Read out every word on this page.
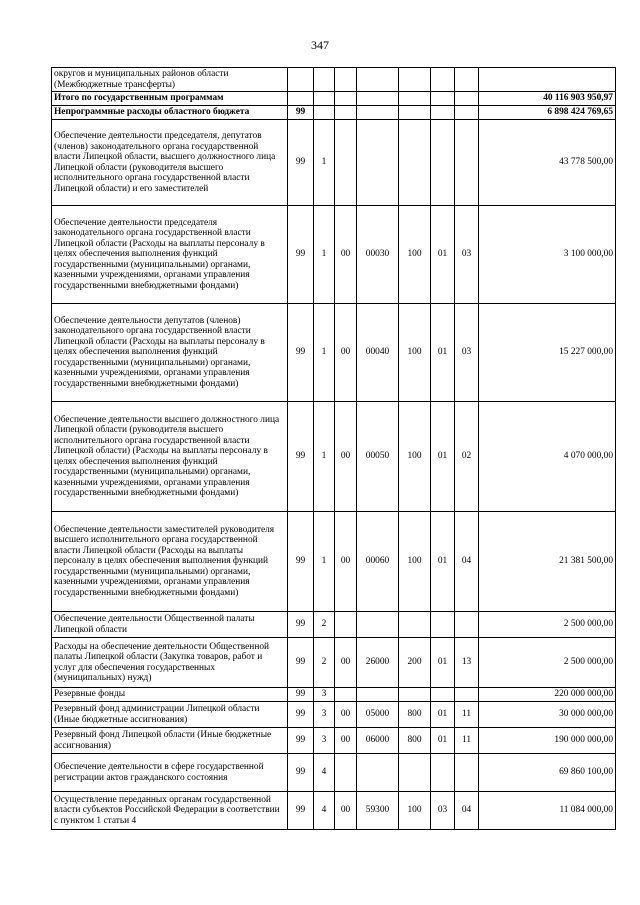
347
округов и муниципальных районов области (Межбюджетные трансферты)								
Итого по государственным программам								40 116 903 950,97
Непрограммные расходы областного бюджета	99							6 898 424 769,65
Обеспечение деятельности председателя, депутатов (членов) законодательного органа государственной власти Липецкой области, высшего должностного лица Липецкой области (руководителя высшего исполнительного органа государственной власти Липецкой области) и его заместителей	99	1						43 778 500,00
Обеспечение деятельности председателя законодательного органа государственной власти Липецкой области (Расходы на выплаты персоналу в целях обеспечения выполнения функций государственными (муниципальными) органами, казенными учреждениями, органами управления государственными внебюджетными фондами)	99	1	00	00030	100	01	03	3 100 000,00
Обеспечение деятельности депутатов (членов) законодательного органа государственной власти Липецкой области (Расходы на выплаты персоналу в целях обеспечения выполнения функций государственными (муниципальными) органами, казенными учреждениями, органами управления государственными внебюджетными фондами)	99	1	00	00040	100	01	03	15 227 000,00
Обеспечение деятельности высшего должностного лица Липецкой области (руководителя высшего исполнительного органа государственной власти Липецкой области) (Расходы на выплаты персоналу в целях обеспечения выполнения функций государственными (муниципальными) органами, казенными учреждениями, органами управления государственными внебюджетными фондами)	99	1	00	00050	100	01	02	4 070 000,00
Обеспечение деятельности заместителей руководителя высшего исполнительного органа государственной власти Липецкой области (Расходы на выплаты персоналу в целях обеспечения выполнения функций государственными (муниципальными) органами, казенными учреждениями, органами управления государственными внебюджетными фондами)	99	1	00	00060	100	01	04	21 381 500,00
Обеспечение деятельности Общественной палаты Липецкой области	99	2						2 500 000,00
Расходы на обеспечение деятельности Общественной палаты Липецкой области (Закупка товаров, работ и услуг для обеспечения государственных (муниципальных) нужд)	99	2	00	26000	200	01	13	2 500 000,00
Резервные фонды	99	3						220 000 000,00
Резервный фонд администрации Липецкой области (Иные бюджетные ассигнования)	99	3	00	05000	800	01	11	30 000 000,00
Резервный фонд Липецкой области (Иные бюджетные ассигнования)	99	3	00	06000	800	01	11	190 000 000,00
Обеспечение деятельности в сфере государственной регистрации актов гражданского состояния	99	4						69 860 100,00
Осуществление переданных органам государственной власти субъектов Российской Федерации в соответствии с пунктом 1 статьи 4	99	4	00	59300	100	03	04	11 084 000,00
